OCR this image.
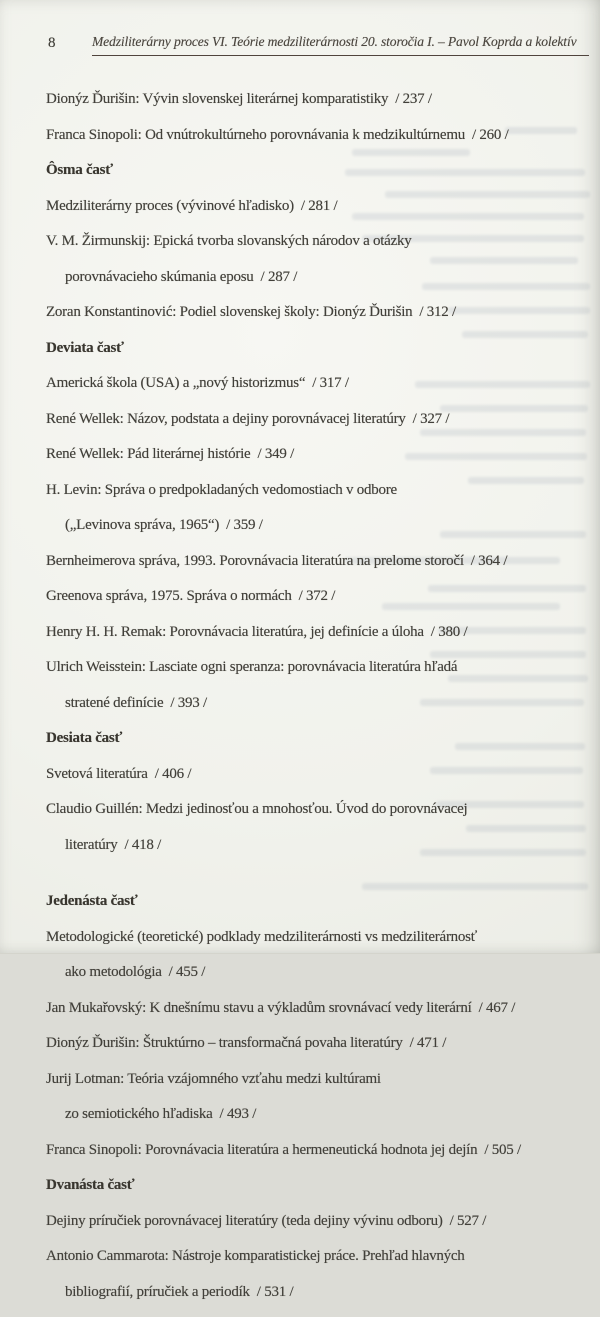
8	Medziliterárny proces VI. Teórie medziliterárnosti 20. storočia I. – Pavol Koprda a kolektív

Dionýz Ďurišin: Vývin slovenskej literárnej komparatistiky  / 237 /

Franca Sinopoli: Od vnútrokultúrneho porovnávania k medzikultúrnemu  / 260 /

Ôsma časť

Medziliterárny proces (vývinové hľadisko)  / 281 /

V. M. Žirmunskij: Epická tvorba slovanských národov a otázky

porovnávacieho skúmania eposu  / 287 /

Zoran Konstantinović: Podiel slovenskej školy: Dionýz Ďurišin  / 312 /

Deviata časť

Americká škola (USA) a „nový historizmus“  / 317 /

René Wellek: Názov, podstata a dejiny porovnávacej literatúry  / 327 /

René Wellek: Pád literárnej histórie  / 349 /

H. Levin: Správa o predpokladaných vedomostiach v odbore

(„Levinova správa, 1965“)  / 359 /

Bernheimerova správa, 1993. Porovnávacia literatúra na prelome storočí  / 364 /

Greenova správa, 1975. Správa o normách  / 372 /

Henry H. H. Remak: Porovnávacia literatúra, jej definície a úloha  / 380 /

Ulrich Weisstein: Lasciate ogni speranza: porovnávacia literatúra hľadá

stratené definície  / 393 /

Desiata časť

Svetová literatúra  / 406 /

Claudio Guillén: Medzi jedinosťou a mnohosťou. Úvod do porovnávacej

literatúry  / 418 /

Jedenásta časť

Metodologické (teoretické) podklady medziliterárnosti vs medziliterárnosť

ako metodológia  / 455 /

Jan Mukařovský: K dnešnímu stavu a výkladům srovnávací vedy literární  / 467 /

Dionýz Ďurišin: Štruktúrno – transformačná povaha literatúry  / 471 /

Jurij Lotman: Teória vzájomného vzťahu medzi kultúrami

zo semiotického hľadiska  / 493 /

Franca Sinopoli: Porovnávacia literatúra a hermeneutická hodnota jej dejín  / 505 /

Dvanásta časť

Dejiny príručiek porovnávacej literatúry (teda dejiny vývinu odboru)  / 527 /

Antonio Cammarota: Nástroje komparatistickej práce. Prehľad hlavných

bibliografií, príručiek a periodík  / 531 /
